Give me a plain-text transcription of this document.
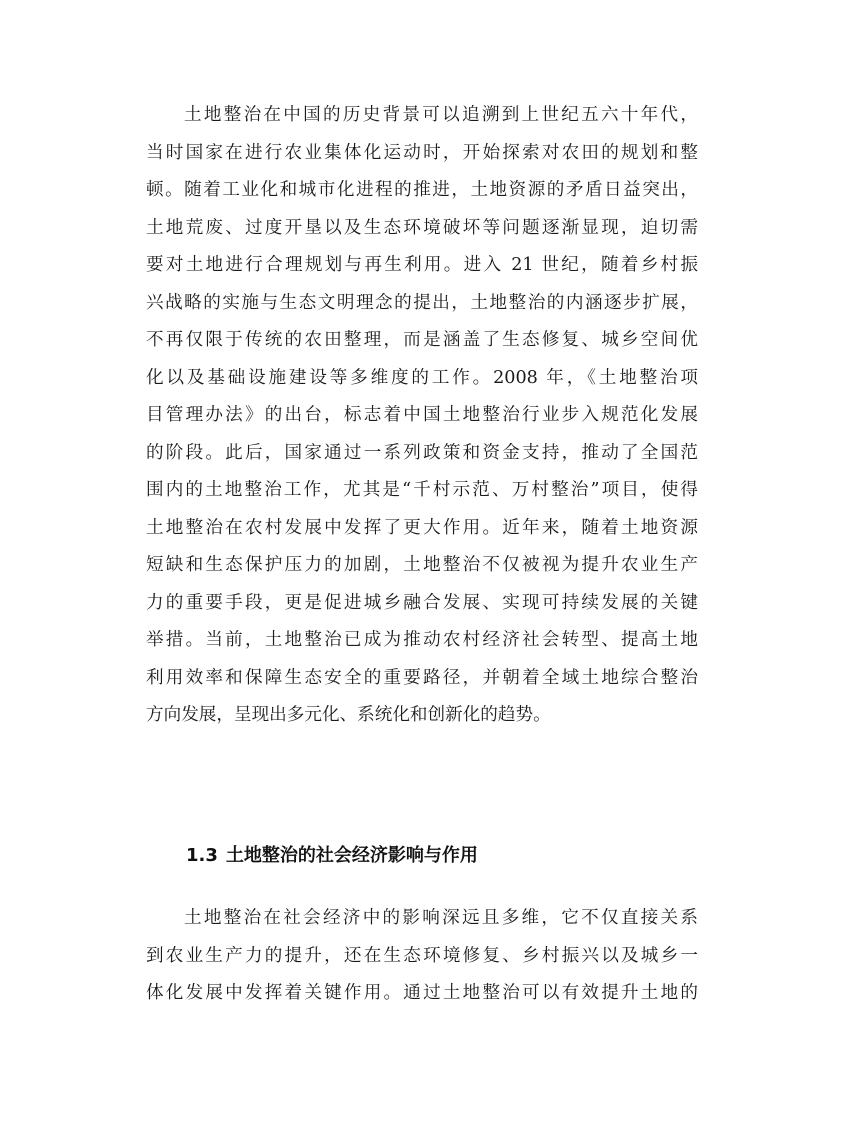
土地整治在中国的历史背景可以追溯到上世纪五六十年代，
当时国家在进行农业集体化运动时，开始探索对农田的规划和整
顿。随着工业化和城市化进程的推进，土地资源的矛盾日益突出，
土地荒废、过度开垦以及生态环境破坏等问题逐渐显现，迫切需
要对土地进行合理规划与再生利用。进入 21 世纪，随着乡村振
兴战略的实施与生态文明理念的提出，土地整治的内涵逐步扩展，
不再仅限于传统的农田整理，而是涵盖了生态修复、城乡空间优
化以及基础设施建设等多维度的工作。2008 年，《土地整治项
目管理办法》的出台，标志着中国土地整治行业步入规范化发展
的阶段。此后，国家通过一系列政策和资金支持，推动了全国范
围内的土地整治工作，尤其是“千村示范、万村整治”项目，使得
土地整治在农村发展中发挥了更大作用。近年来，随着土地资源
短缺和生态保护压力的加剧，土地整治不仅被视为提升农业生产
力的重要手段，更是促进城乡融合发展、实现可持续发展的关键
举措。当前，土地整治已成为推动农村经济社会转型、提高土地
利用效率和保障生态安全的重要路径，并朝着全域土地综合整治
方向发展，呈现出多元化、系统化和创新化的趋势。
1.3 土地整治的社会经济影响与作用
土地整治在社会经济中的影响深远且多维，它不仅直接关系
到农业生产力的提升，还在生态环境修复、乡村振兴以及城乡一
体化发展中发挥着关键作用。通过土地整治可以有效提升土地的
